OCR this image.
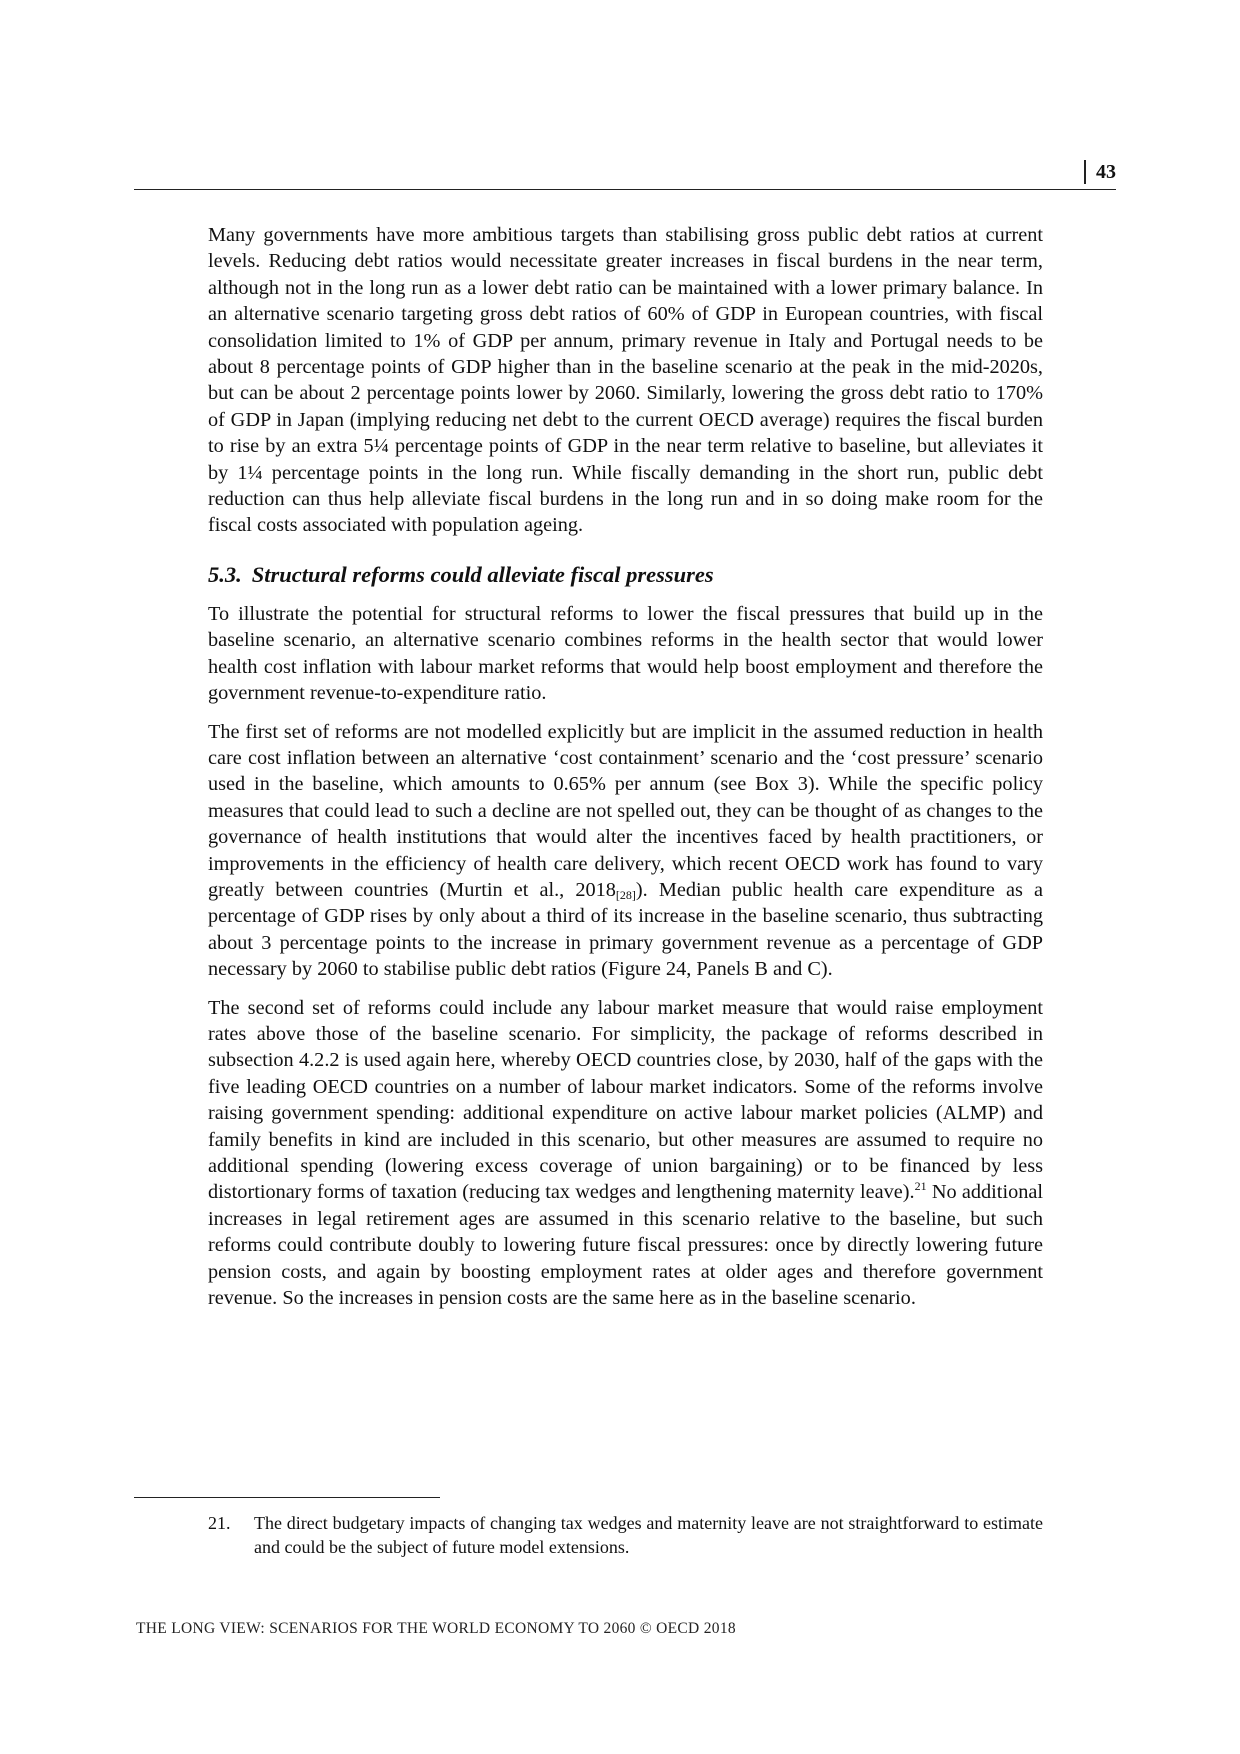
43

Many governments have more ambitious targets than stabilising gross public debt ratios at current levels. Reducing debt ratios would necessitate greater increases in fiscal burdens in the near term, although not in the long run as a lower debt ratio can be maintained with a lower primary balance. In an alternative scenario targeting gross debt ratios of 60% of GDP in European countries, with fiscal consolidation limited to 1% of GDP per annum, primary revenue in Italy and Portugal needs to be about 8 percentage points of GDP higher than in the baseline scenario at the peak in the mid-2020s, but can be about 2 percentage points lower by 2060. Similarly, lowering the gross debt ratio to 170% of GDP in Japan (implying reducing net debt to the current OECD average) requires the fiscal burden to rise by an extra 5¼ percentage points of GDP in the near term relative to baseline, but alleviates it by 1¼ percentage points in the long run. While fiscally demanding in the short run, public debt reduction can thus help alleviate fiscal burdens in the long run and in so doing make room for the fiscal costs associated with population ageing.

5.3. Structural reforms could alleviate fiscal pressures

To illustrate the potential for structural reforms to lower the fiscal pressures that build up in the baseline scenario, an alternative scenario combines reforms in the health sector that would lower health cost inflation with labour market reforms that would help boost employment and therefore the government revenue-to-expenditure ratio.

The first set of reforms are not modelled explicitly but are implicit in the assumed reduction in health care cost inflation between an alternative ‘cost containment’ scenario and the ‘cost pressure’ scenario used in the baseline, which amounts to 0.65% per annum (see Box 3). While the specific policy measures that could lead to such a decline are not spelled out, they can be thought of as changes to the governance of health institutions that would alter the incentives faced by health practitioners, or improvements in the efficiency of health care delivery, which recent OECD work has found to vary greatly between countries (Murtin et al., $2018_{[28]}$). Median public health care expenditure as a percentage of GDP rises by only about a third of its increase in the baseline scenario, thus subtracting about 3 percentage points to the increase in primary government revenue as a percentage of GDP necessary by 2060 to stabilise public debt ratios (Figure 24, Panels B and C).

The second set of reforms could include any labour market measure that would raise employment rates above those of the baseline scenario. For simplicity, the package of reforms described in subsection 4.2.2 is used again here, whereby OECD countries close, by 2030, half of the gaps with the five leading OECD countries on a number of labour market indicators. Some of the reforms involve raising government spending: additional expenditure on active labour market policies (ALMP) and family benefits in kind are included in this scenario, but other measures are assumed to require no additional spending (lowering excess coverage of union bargaining) or to be financed by less distortionary forms of taxation (reducing tax wedges and lengthening maternity leave).$^{21}$ No additional increases in legal retirement ages are assumed in this scenario relative to the baseline, but such reforms could contribute doubly to lowering future fiscal pressures: once by directly lowering future pension costs, and again by boosting employment rates at older ages and therefore government revenue. So the increases in pension costs are the same here as in the baseline scenario.

21.	The direct budgetary impacts of changing tax wedges and maternity leave are not straightforward to estimate and could be the subject of future model extensions.
THE LONG VIEW: SCENARIOS FOR THE WORLD ECONOMY TO 2060 © OECD 2018
